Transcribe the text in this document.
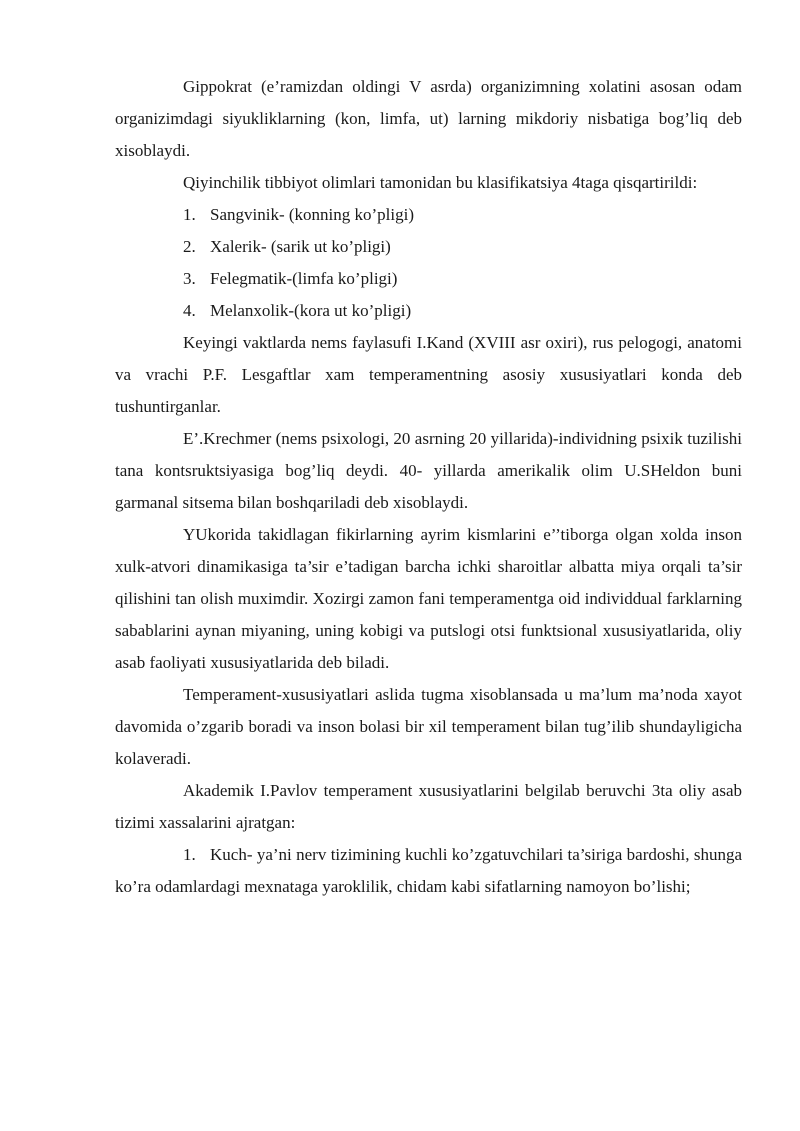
Gippokrat (e’ramizdan oldingi V asrda) organizimning xolatini asosan odam organizimdagi siyukliklarning (kon, limfa, ut) larning mikdoriy nisbatiga bog’liq deb xisoblaydi.

Qiyinchilik tibbiyot olimlari tamonidan bu klasifikatsiya 4taga qisqartirildi:

1. Sangvinik- (konning ko’pligi)
2. Xalerik- (sarik ut ko’pligi)
3. Felegmatik-(limfa ko’pligi)
4. Melanxolik-(kora ut ko’pligi)

Keyingi vaktlarda nems faylasufi I.Kand (XVIII asr oxiri), rus pelogogi, anatomi va vrachi P.F. Lesgaftlar xam temperamentning asosiy xususiyatlari konda deb tushuntirganlar.

E’.Krechmer (nems psixologi, 20 asrning 20 yillarida)-individning psixik tuzilishi tana kontsruktsiyasiga bog’liq deydi. 40- yillarda amerikalik olim U.SHeldon buni garmanal sitsema bilan boshqariladi deb xisoblaydi.

YUkorida takidlagan fikirlarning ayrim kismlarini e’’tiborga olgan xolda inson xulk-atvori dinamikasiga ta’sir e’tadigan barcha ichki sharoitlar albatta miya orqali ta’sir qilishini tan olish muximdir. Xozirgi zamon fani temperamentga oid individdual farklarning sabablarini aynan miyaning, uning kobigi va putslogi otsi funktsional xususiyatlarida, oliy asab faoliyati xususiyatlarida deb biladi.

Temperament-xususiyatlari aslida tugma xisoblansada u ma’lum ma’noda xayot davomida o’zgarib boradi va inson bolasi bir xil temperament bilan tug’ilib shundayligicha kolaveradi.

Akademik I.Pavlov temperament xususiyatlarini belgilab beruvchi 3ta oliy asab tizimi xassalarini ajratgan:

1. Kuch- ya’ni nerv tizimining kuchli ko’zgatuvchilari ta’siriga bardoshi, shunga ko’ra odamlardagi mexnataga yaroklilik, chidam kabi sifatlarning namoyon bo’lishi;
